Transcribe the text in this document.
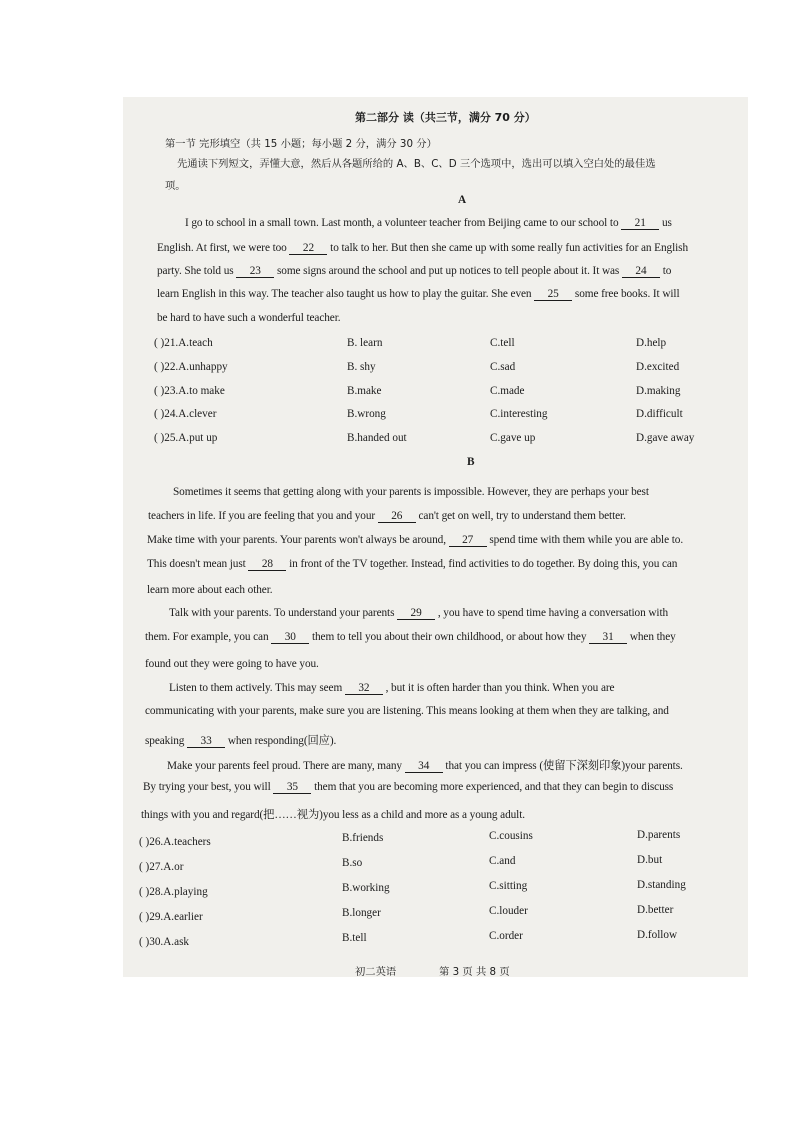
第二部分 读（共三节，满分 70 分）
第一节 完形填空（共 15 小题；每小题 2 分，满分 30 分）
先通读下列短文，弄懂大意，然后从各题所给的 A、B、C、D 三个选项中，选出可以填入空白处的最佳选
项。
A
I go to school in a small town. Last month, a volunteer teacher from Beijing came to our school to 21 us
English. At first, we were too 22 to talk to her. But then she came up with some really fun activities for an English
party. She told us 23 some signs around the school and put up notices to tell people about it. It was 24 to
learn English in this way. The teacher also taught us how to play the guitar. She even 25 some free books. It will
be hard to have such a wonderful teacher.
( )21.A.teach	B. learn	C.tell	D.help
( )22.A.unhappy	B. shy	C.sad	D.excited
( )23.A.to make	B.make	C.made	D.making
( )24.A.clever	B.wrong	C.interesting	D.difficult
( )25.A.put up	B.handed out	C.gave up	D.gave away
B
Sometimes it seems that getting along with your parents is impossible. However, they are perhaps your best
teachers in life. If you are feeling that you and your 26 can't get on well, try to understand them better.
Make time with your parents. Your parents won't always be around, 27 spend time with them while you are able to.
This doesn't mean just 28 in front of the TV together. Instead, find activities to do together. By doing this, you can
learn more about each other.
Talk with your parents. To understand your parents 29 , you have to spend time having a conversation with
them. For example, you can 30 them to tell you about their own childhood, or about how they 31 when they
found out they were going to have you.
Listen to them actively. This may seem 32 , but it is often harder than you think. When you are
communicating with your parents, make sure you are listening. This means looking at them when they are talking, and
speaking 33 when responding(回应).
Make your parents feel proud. There are many, many 34 that you can impress (使留下深刻印象)your parents.
By trying your best, you will 35 them that you are becoming more experienced, and that they can begin to discuss
things with you and regard(把……视为)you less as a child and more as a young adult.
( )26.A.teachers	B.friends	C.cousins	D.parents
( )27.A.or	B.so	C.and	D.but
( )28.A.playing	B.working	C.sitting	D.standing
( )29.A.earlier	B.longer	C.louder	D.better
( )30.A.ask	B.tell	C.order	D.follow
初二英语	第 3 页 共 8 页
